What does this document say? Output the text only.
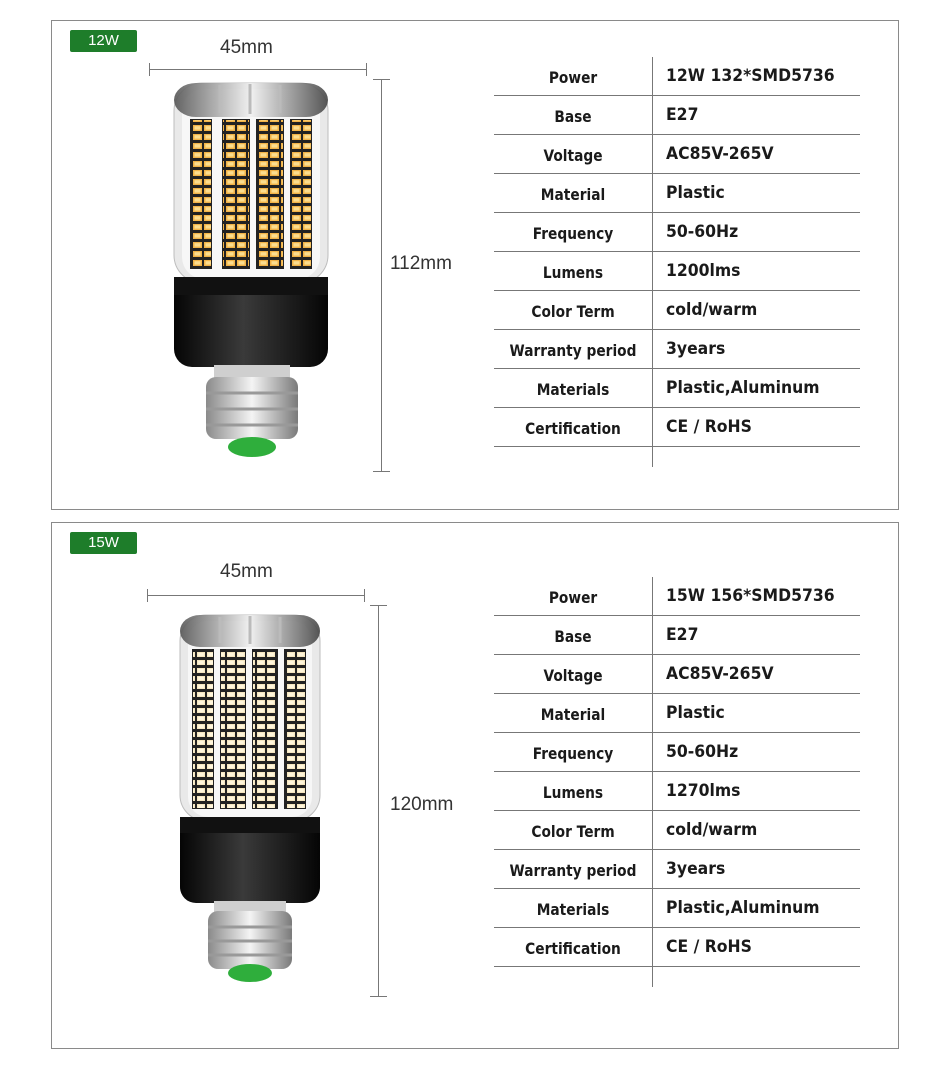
12W	45mm
112mm
Power	12W 132*SMD5736
Base	E27
Voltage	AC85V-265V
Material	Plastic
Frequency	50-60Hz
Lumens	1200lms
Color Term	cold/warm
Warranty period 3years
Materials	Plastic,Aluminum
Certification	CE / RoHS
15W
45mm
120mm
Power	15W 156*SMD5736
Base	E27
Voltage	AC85V-265V
Material	Plastic
Frequency	50-60Hz
Lumens	1270lms
Color Term	cold/warm
Warranty period 3years
Materials	Plastic,Aluminum
Certification	CE / RoHS
